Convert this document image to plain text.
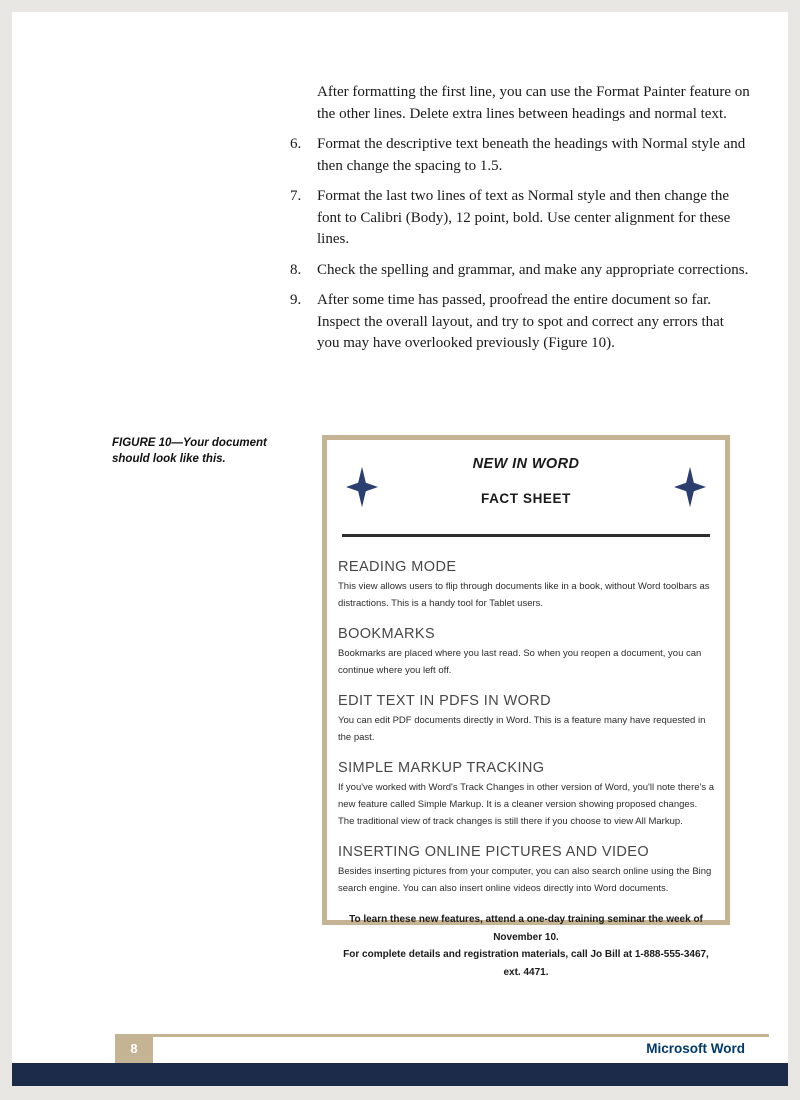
After formatting the first line, you can use the Format Painter feature on the other lines. Delete extra lines between headings and normal text.

6.	Format the descriptive text beneath the headings with Normal style and then change the spacing to 1.5.
7.	Format the last two lines of text as Normal style and then change the font to Calibri (Body), 12 point, bold. Use center alignment for these lines.
8.	Check the spelling and grammar, and make any appropriate corrections.
9.	After some time has passed, proofread the entire document so far. Inspect the overall layout, and try to spot and correct any errors that you may have overlooked previously (Figure 10).
FIGURE 10—Your document should look like this.	NEW IN WORD
FACT SHEET
READING MODE
This view allows users to flip through documents like in a book, without Word toolbars as distractions. This is a handy tool for Tablet users.
BOOKMARKS
Bookmarks are placed where you last read. So when you reopen a document, you can continue where you left off.
EDIT TEXT IN PDFS IN WORD
You can edit PDF documents directly in Word. This is a feature many have requested in the past.
SIMPLE MARKUP TRACKING
If you've worked with Word's Track Changes in other version of Word, you'll note there's a new feature called Simple Markup. It is a cleaner version showing proposed changes. The traditional view of track changes is still there if you choose to view All Markup.
INSERTING ONLINE PICTURES AND VIDEO
Besides inserting pictures from your computer, you can also search online using the Bing search engine. You can also insert online videos directly into Word documents.
To learn these new features, attend a one-day training seminar the week of November 10.
For complete details and registration materials, call Jo Bill at 1-888-555-3467, ext. 4471.
8	Microsoft Word
